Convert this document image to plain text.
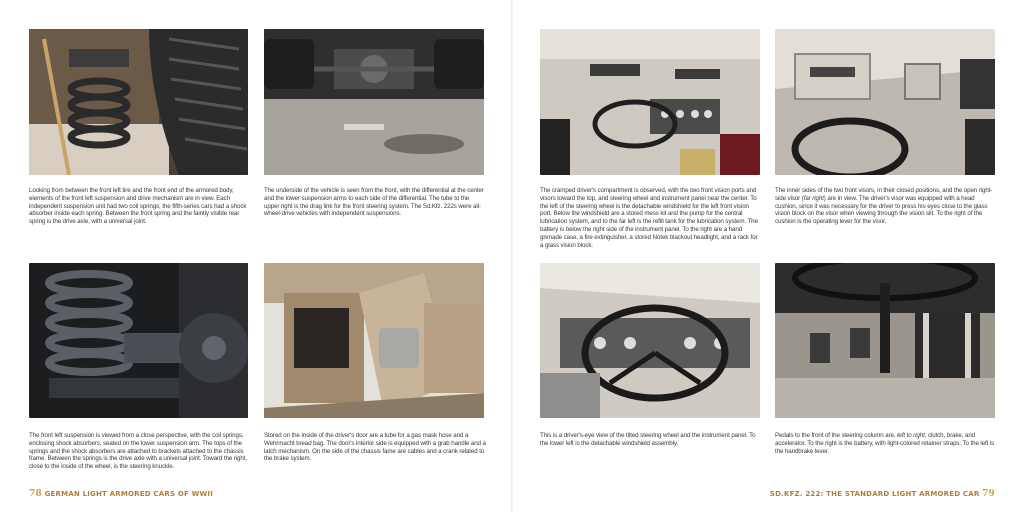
Looking from between the front left tire and the front end of the armored body, elements of the front left suspension and drive mechanism are in view. Each independent suspension unit had two coil springs; the fifth-series cars had a shock absorber inside each spring. Between the front spring and the faintly visible rear spring is the drive axle, with a universal joint.
The underside of the vehicle is seen from the front, with the differential at the center and the lower suspension arms to each side of the differential. The tube to the upper right is the drag link for the front steering system. The Sd.Kfz. 222s were all-wheel-drive vehicles with independent suspensions.
The cramped driver's compartment is observed, with the two front vision ports and visors toward the top, and steering wheel and instrument panel near the center. To the left of the steering wheel is the detachable windshield for the left front vision port. Below the windshield are a stored mess kit and the pump for the central lubrication system, and to the far left is the refill tank for the lubrication system. The battery is below the right side of the instrument panel. To the right are a hand grenade case, a fire extinguisher, a stored Notek blackout headlight, and a rack for a glass vision block.
The inner sides of the two front visors, in their closed positions, and the open right-side visor (far right) are in view. The driver's visor was equipped with a head cushion, since it was necessary for the driver to press his eyes close to the glass vision block on the visor when viewing through the vision slit. To the right of the cushion is the operating lever for the visor.
The front left suspension is viewed from a close perspective, with the coil springs, enclosing shock absorbers, seated on the lower suspension arm. The tops of the springs and the shock absorbers are attached to brackets attached to the chassis frame. Between the springs is the drive axle with a universal joint. Toward the right, close to the inside of the wheel, is the steering knuckle.
Stored on the inside of the driver's door are a tube for a gas mask hose and a Wehrmacht bread bag. The door's interior side is equipped with a grab handle and a latch mechanism. On the side of the chassis fame are cables and a crank related to the brake system.
This is a driver's-eye view of the tilted steering wheel and the instrument panel. To the lower left is the detachable windshield assembly.
Pedals to the front of the steering column are, left to right, clutch, brake, and accelerator. To the right is the battery, with light-colored retainer straps. To the left is the handbrake lever.
78 GERMAN LIGHT ARMORED CARS OF WWII	SD.KFZ. 222: THE STANDARD LIGHT ARMORED CAR 79
